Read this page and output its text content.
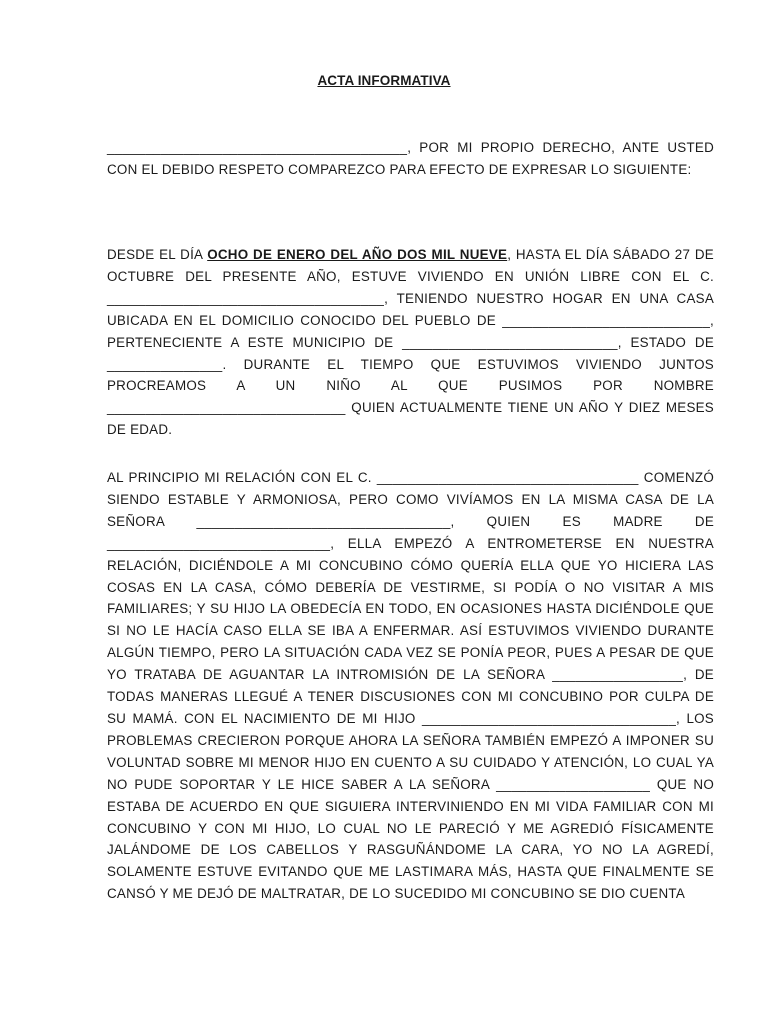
ACTA INFORMATIVA

_______________________________________, POR MI PROPIO DERECHO, ANTE USTED CON EL DEBIDO RESPETO COMPAREZCO PARA EFECTO DE EXPRESAR LO SIGUIENTE:

DESDE EL DÍA OCHO DE ENERO DEL AÑO DOS MIL NUEVE, HASTA EL DÍA SÁBADO 27 DE OCTUBRE DEL PRESENTE AÑO, ESTUVE VIVIENDO EN UNIÓN LIBRE CON EL C. ____________________________________, TENIENDO NUESTRO HOGAR EN UNA CASA UBICADA EN EL DOMICILIO CONOCIDO DEL PUEBLO DE ___________________________, PERTENECIENTE A ESTE MUNICIPIO DE ____________________________, ESTADO DE _______________. DURANTE EL TIEMPO QUE ESTUVIMOS VIVIENDO JUNTOS PROCREAMOS A UN NIÑO AL QUE PUSIMOS POR NOMBRE _______________________________ QUIEN ACTUALMENTE TIENE UN AÑO Y DIEZ MESES DE EDAD.

AL PRINCIPIO MI RELACIÓN CON EL C. __________________________________ COMENZÓ SIENDO ESTABLE Y ARMONIOSA, PERO COMO VIVÍAMOS EN LA MISMA CASA DE LA SEÑORA _________________________________, QUIEN ES MADRE DE _____________________________, ELLA EMPEZÓ A ENTROMETERSE EN NUESTRA RELACIÓN, DICIÉNDOLE A MI CONCUBINO CÓMO QUERÍA ELLA QUE YO HICIERA LAS COSAS EN LA CASA, CÓMO DEBERÍA DE VESTIRME, SI PODÍA O NO VISITAR A MIS FAMILIARES; Y SU HIJO LA OBEDECÍA EN TODO, EN OCASIONES HASTA DICIÉNDOLE QUE SI NO LE HACÍA CASO ELLA SE IBA A ENFERMAR. ASÍ ESTUVIMOS VIVIENDO DURANTE ALGÚN TIEMPO, PERO LA SITUACIÓN CADA VEZ SE PONÍA PEOR, PUES A PESAR DE QUE YO TRATABA DE AGUANTAR LA INTROMISIÓN DE LA SEÑORA _________________, DE TODAS MANERAS LLEGUÉ A TENER DISCUSIONES CON MI CONCUBINO POR CULPA DE SU MAMÁ. CON EL NACIMIENTO DE MI HIJO _________________________________, LOS PROBLEMAS CRECIERON PORQUE AHORA LA SEÑORA TAMBIÉN EMPEZÓ A IMPONER SU VOLUNTAD SOBRE MI MENOR HIJO EN CUENTO A SU CUIDADO Y ATENCIÓN, LO CUAL YA NO PUDE SOPORTAR Y LE HICE SABER A LA SEÑORA ____________________ QUE NO ESTABA DE ACUERDO EN QUE SIGUIERA INTERVINIENDO EN MI VIDA FAMILIAR CON MI CONCUBINO Y CON MI HIJO, LO CUAL NO LE PARECIÓ Y ME AGREDIÓ FÍSICAMENTE JALÁNDOME DE LOS CABELLOS Y RASGUÑÁNDOME LA CARA, YO NO LA AGREDÍ, SOLAMENTE ESTUVE EVITANDO QUE ME LASTIMARA MÁS, HASTA QUE FINALMENTE SE CANSÓ Y ME DEJÓ DE MALTRATAR, DE LO SUCEDIDO MI CONCUBINO SE DIO CUENTA
